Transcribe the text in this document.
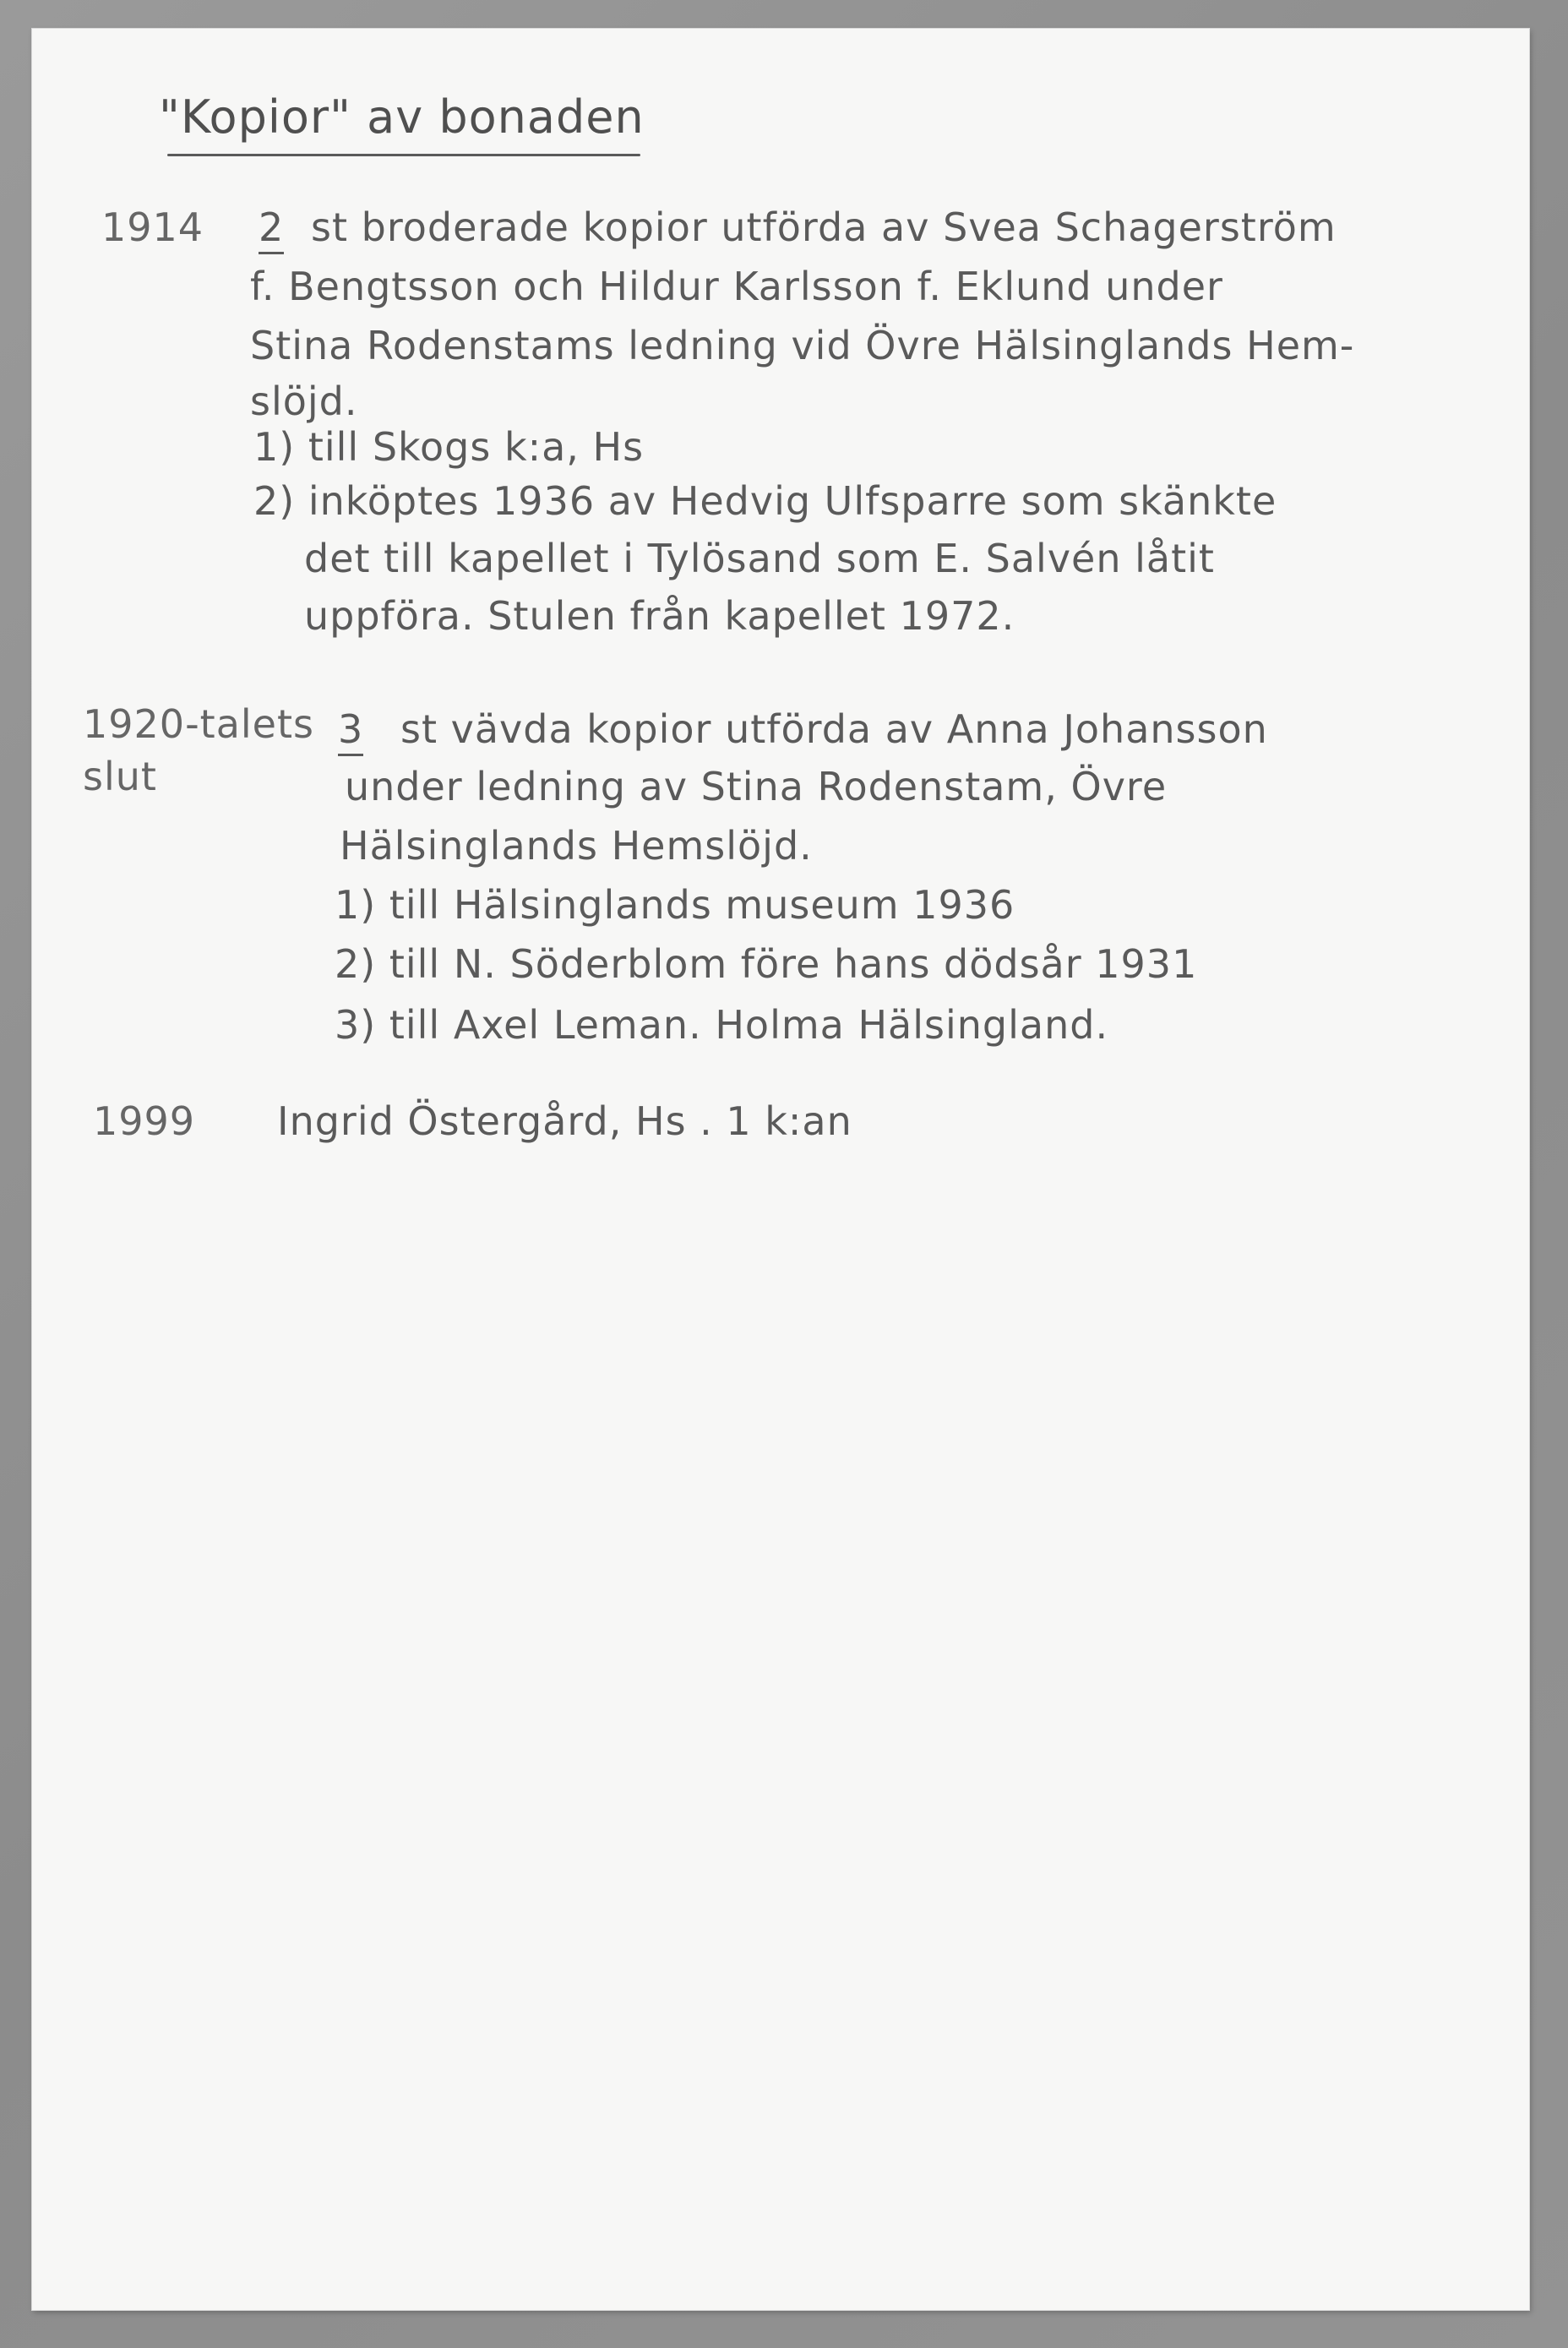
"Kopior" av bonaden
1914 2 st broderade kopior utförda av Svea Schagerström
f. Bengtsson och Hildur Karlsson f. Eklund under
Stina Rodenstams ledning vid Övre Hälsinglands Hem-
slöjd.
1) till Skogs k:a, Hs
2) inköptes 1936 av Hedvig Ulfsparre som skänkte
det till kapellet i Tylösand som E. Salvén låtit
uppföra. Stulen från kapellet 1972.
1920-talets
slut
3 st vävda kopior utförda av Anna Johansson
under ledning av Stina Rodenstam, Övre
Hälsinglands Hemslöjd.
1) till Hälsinglands museum 1936
2) till N. Söderblom före hans dödsår 1931
3) till Axel Leman. Holma Hälsingland.
1999 Ingrid Östergård, Hs . 1 k:an
